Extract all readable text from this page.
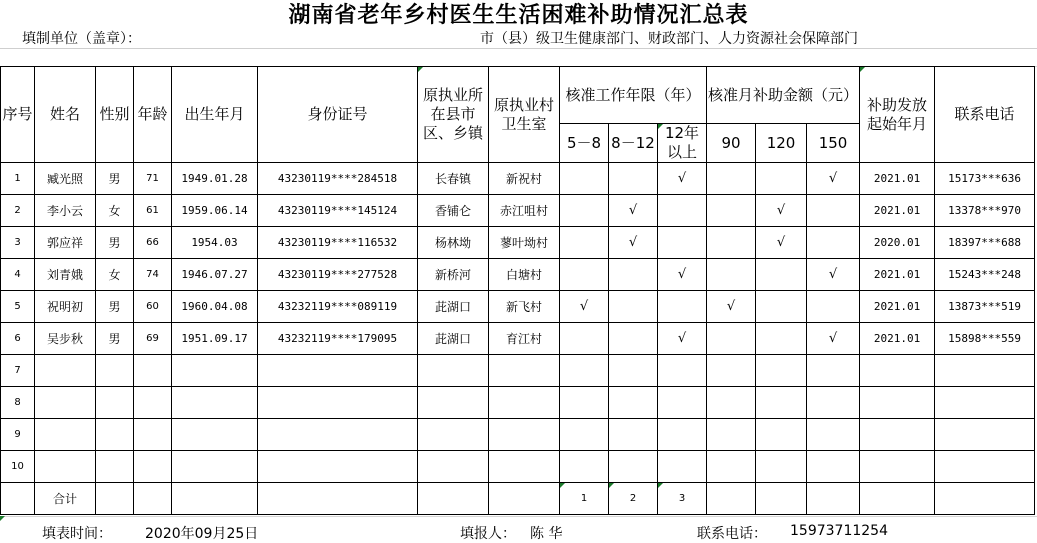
湖南省老年乡村医生生活困难补助情况汇总表
填制单位（盖章）：	市（县）级卫生健康部门、财政部门、人力资源社会保障部门
序号	姓名	性别	年龄	出生年月	身份证号	原执业所在县市区、乡镇	原执业村卫生室	核准工作年限（年）			核准月补助金额（元）			补助发放起始年月	联系电话
								5－8	8－12	12年以上	90	120	150		
1	臧光照	男	71	1949.01.28	43230119****284518	长春镇	新祝村			√			√	2021.01	15173***636
2	李小云	女	61	1959.06.14	43230119****145124	香铺仑	赤江咀村		√			√		2021.01	13378***970
3	郭应祥	男	66	1954.03	43230119****116532	杨林坳	蓼叶坳村		√			√		2020.01	18397***688
4	刘青娥	女	74	1946.07.27	43230119****277528	新桥河	白塘村			√			√	2021.01	15243***248
5	祝明初	男	60	1960.04.08	43232119****089119	茈湖口	新飞村	√			√			2021.01	13873***519
6	吴步秋	男	69	1951.09.17	43232119****179095	茈湖口	育江村			√			√	2021.01	15898***559
7															
8															
9															
10															
	合计							1	2	3					
填表时间： 2020年09月25日	填报人： 陈 华	联系电话： 15973711254
